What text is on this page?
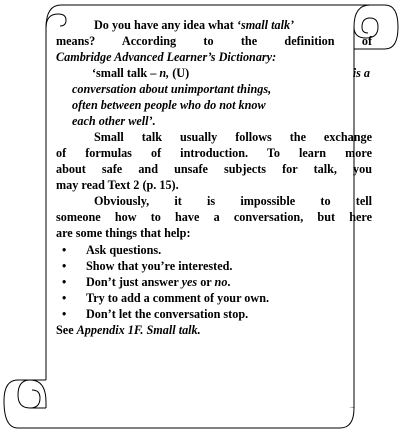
Do you have any idea what ‘small talk’
means? According to the definition of
Cambridge Advanced Learner’s Dictionary:
‘small talk – n, (U)	is a
conversation about unimportant things,
often between people who do not know
each other well’.
Small talk usually follows the exchange
of formulas of introduction. To learn more
about safe and unsafe subjects for talk, you
may read Text 2 (p. 15).
Obviously, it is impossible to tell
someone how to have a conversation, but here
are some things that help:
• Ask questions.
• Show that you’re interested.
• Don’t just answer yes or no.
• Try to add a comment of your own.
• Don’t let the conversation stop.
See Appendix 1F. Small talk.
